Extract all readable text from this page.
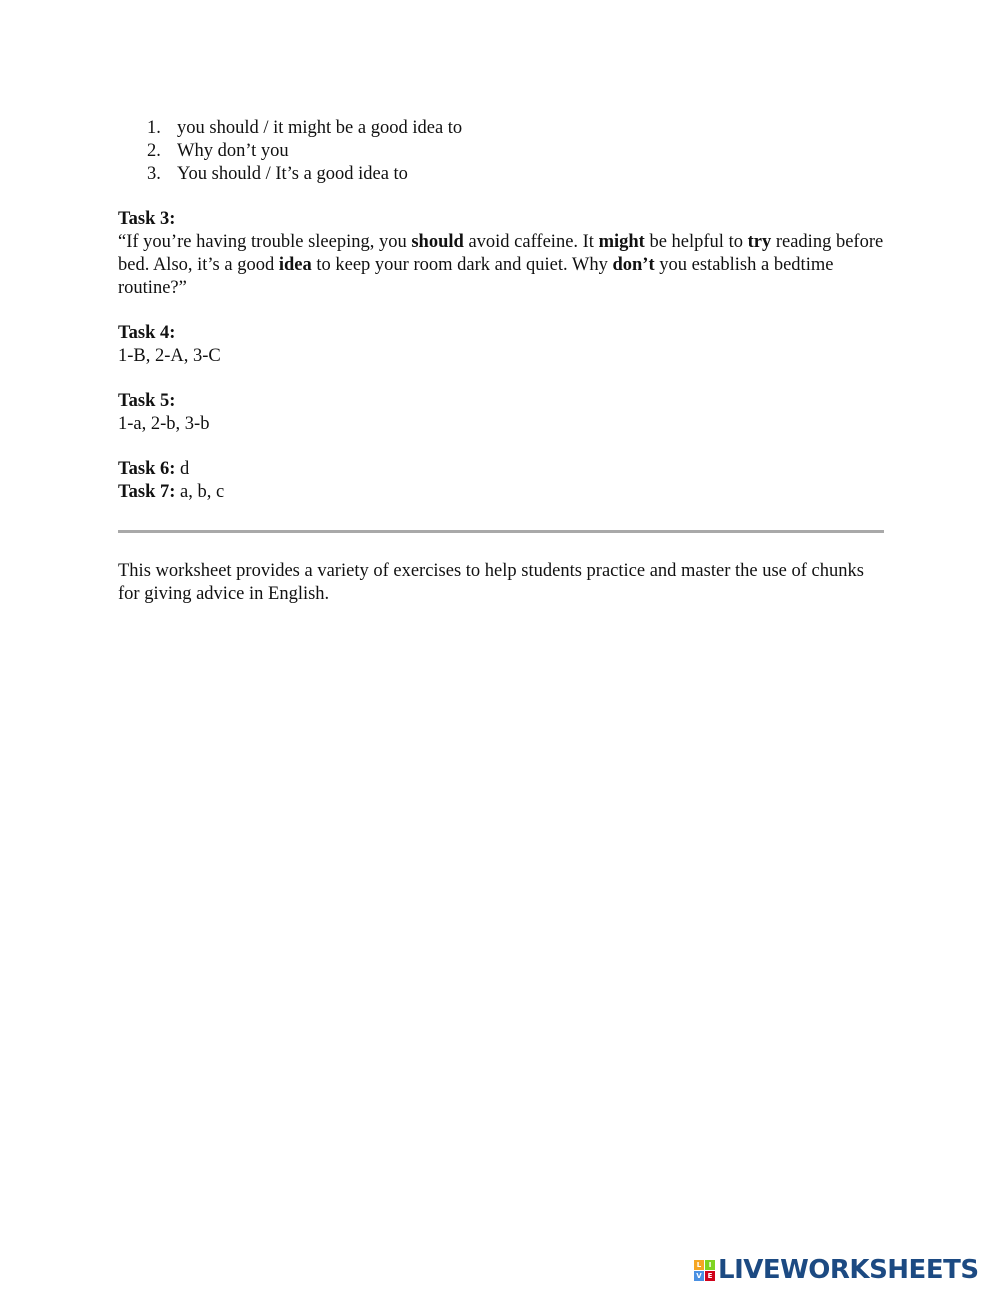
1. you should / it might be a good idea to
2. Why don’t you
3. You should / It’s a good idea to
Task 3:
“If you’re having trouble sleeping, you should avoid caffeine. It might be helpful to try reading before bed. Also, it’s a good idea to keep your room dark and quiet. Why don’t you establish a bedtime routine?”
Task 4:
1-B, 2-A, 3-C
Task 5:
1-a, 2-b, 3-b
Task 6: d
Task 7: a, b, c
This worksheet provides a variety of exercises to help students practice and master the use of chunks for giving advice in English.
L	I
V E LIVEWORKSHEETS
